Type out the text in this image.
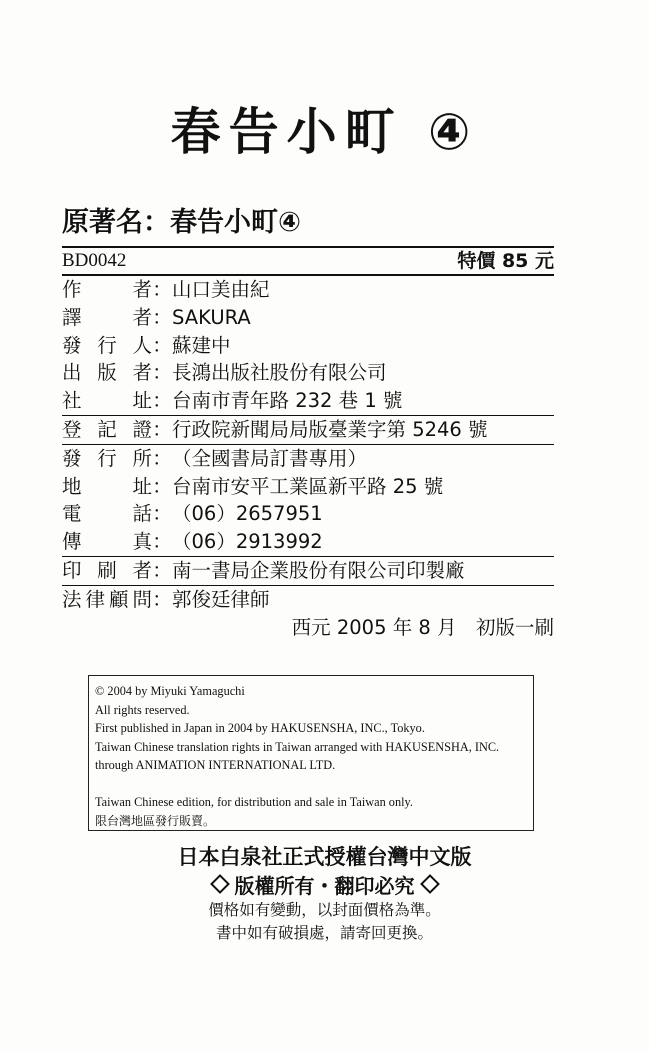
春告小町 ④
原著名：春告小町④
BD0042	特價 85 元
作	者 ： 山口美由紀
譯	者 ： SAKURA
發 行 人 ： 蘇建中
出 版 者 ： 長鴻出版社股份有限公司
社	址 ： 台南市青年路 232 巷 1 號
登 記 證 ： 行政院新聞局局版臺業字第 5246 號
發 行 所 ： （全國書局訂書專用）
地	址 ： 台南市安平工業區新平路 25 號
電	話 ： （06）2657951
傳	真 ： （06）2913992
印 刷 者 ： 南一書局企業股份有限公司印製廠
法 律 顧 問 ： 郭俊廷律師
西元 2005 年 8 月　初版一刷
© 2004 by Miyuki Yamaguchi
All rights reserved.
First published in Japan in 2004 by HAKUSENSHA, INC., Tokyo.
Taiwan Chinese translation rights in Taiwan arranged with HAKUSENSHA, INC.
through ANIMATION INTERNATIONAL LTD.
Taiwan Chinese edition, for distribution and sale in Taiwan only.
限台灣地區發行販賣。
日本白泉社正式授權台灣中文版
版權所有・翻印必究
價格如有變動，以封面價格為準。
書中如有破損處，請寄回更換。
